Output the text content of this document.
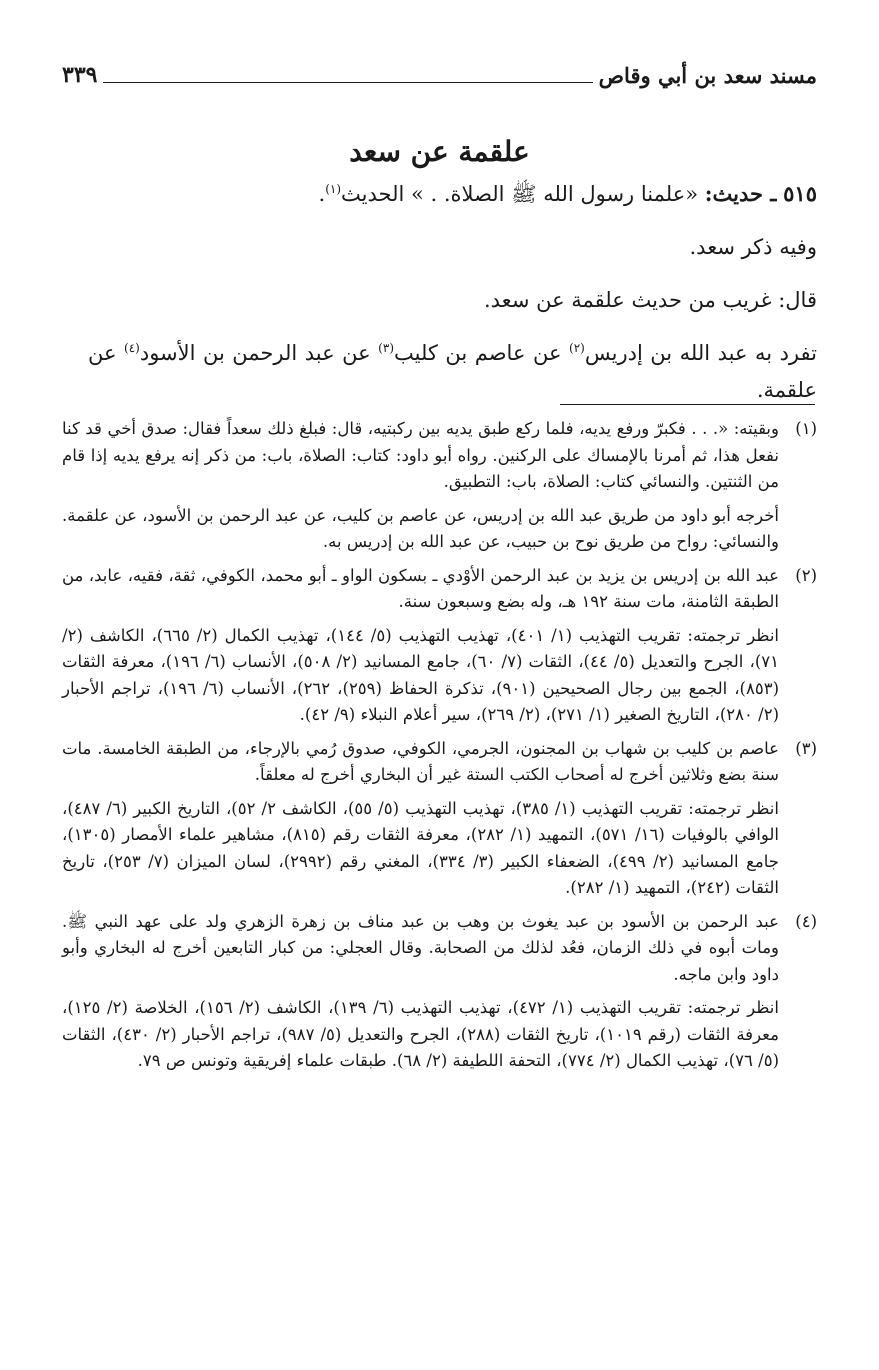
مسند سعد بن أبي وقاص
٣٣٩
علقمة عن سعد

٥١٥ ـ حديث: «علمنا رسول الله ﷺ الصلاة. . » الحديث$^{(١)}$.

وفيه ذكر سعد.

قال: غريب من حديث علقمة عن سعد.

تفرد به عبد الله بن إدريس$^{(٢)}$ عن عاصم بن كليب$^{(٣)}$ عن عبد الرحمن بن الأسود$^{(٤)}$ عن علقمة.

(١)

وبقيته: «. . . فكبرّ ورفع يديه، فلما ركع طبق يديه بين ركبتيه، قال: فبلغ ذلك سعداً فقال: صدق أخي قد كنا نفعل هذا، ثم أمرنا بالإمساك على الركنين. رواه أبو داود: كتاب: الصلاة، باب: من ذكر إنه يرفع يديه إذا قام من الثنتين. والنسائي كتاب: الصلاة، باب: التطبيق.

أخرجه أبو داود من طريق عبد الله بن إدريس، عن عاصم بن كليب، عن عبد الرحمن بن الأسود، عن علقمة. والنسائي: رواح من طريق نوح بن حبيب، عن عبد الله بن إدريس به.

(٢)

عبد الله بن إدريس بن يزيد بن عبد الرحمن الأوْدي ـ بسكون الواو ـ أبو محمد، الكوفي، ثقة، فقيه، عابد، من الطبقة الثامنة، مات سنة ١٩٢ هـ، وله بضع وسبعون سنة.

انظر ترجمته: تقريب التهذيب (١/ ٤٠١)، تهذيب التهذيب (٥/ ١٤٤)، تهذيب الكمال (٢/ ٦٦٥)، الكاشف (٢/ ٧١)، الجرح والتعديل (٥/ ٤٤)، الثقات (٧/ ٦٠)، جامع المسانيد (٢/ ٥٠٨)، الأنساب (٦/ ١٩٦)، معرفة الثقات (٨٥٣)، الجمع بين رجال الصحيحين (٩٠١)، تذكرة الحفاظ (٢٥٩)، ٢٦٢)، الأنساب (٦/ ١٩٦)، تراجم الأحبار (٢/ ٢٨٠)، التاريخ الصغير (١/ ٢٧١)، (٢/ ٢٦٩)، سير أعلام النبلاء (٩/ ٤٢).

(٣)

عاصم بن كليب بن شهاب بن المجنون، الجرمي، الكوفي، صدوق رُمي بالإرجاء، من الطبقة الخامسة. مات سنة بضع وثلاثين أخرج له أصحاب الكتب الستة غير أن البخاري أخرج له معلقاً.

انظر ترجمته: تقريب التهذيب (١/ ٣٨٥)، تهذيب التهذيب (٥/ ٥٥)، الكاشف ٢/ ٥٢)، التاريخ الكبير (٦/ ٤٨٧)، الوافي بالوفيات (١٦/ ٥٧١)، التمهيد (١/ ٢٨٢)، معرفة الثقات رقم (٨١٥)، مشاهير علماء الأمصار (١٣٠٥)، جامع المسانيد (٢/ ٤٩٩)، الضعفاء الكبير (٣/ ٣٣٤)، المغني رقم (٢٩٩٢)، لسان الميزان (٧/ ٢٥٣)، تاريخ الثقات (٢٤٢)، التمهيد (١/ ٢٨٢).

(٤)

عبد الرحمن بن الأسود بن عبد يغوث بن وهب بن عبد مناف بن زهرة الزهري ولد على عهد النبي ﷺ. ومات أبوه في ذلك الزمان، فعُد لذلك من الصحابة. وقال العجلي: من كبار التابعين أخرج له البخاري وأبو داود وابن ماجه.

انظر ترجمته: تقريب التهذيب (١/ ٤٧٢)، تهذيب التهذيب (٦/ ١٣٩)، الكاشف (٢/ ١٥٦)، الخلاصة (٢/ ١٢٥)، معرفة الثقات (رقم ١٠١٩)، تاريخ الثقات (٢٨٨)، الجرح والتعديل (٥/ ٩٨٧)، تراجم الأحبار (٢/ ٤٣٠)، الثقات (٥/ ٧٦)، تهذيب الكمال (٢/ ٧٧٤)، التحفة اللطيفة (٢/ ٦٨). طبقات علماء إفريقية وتونس ص ٧٩.
